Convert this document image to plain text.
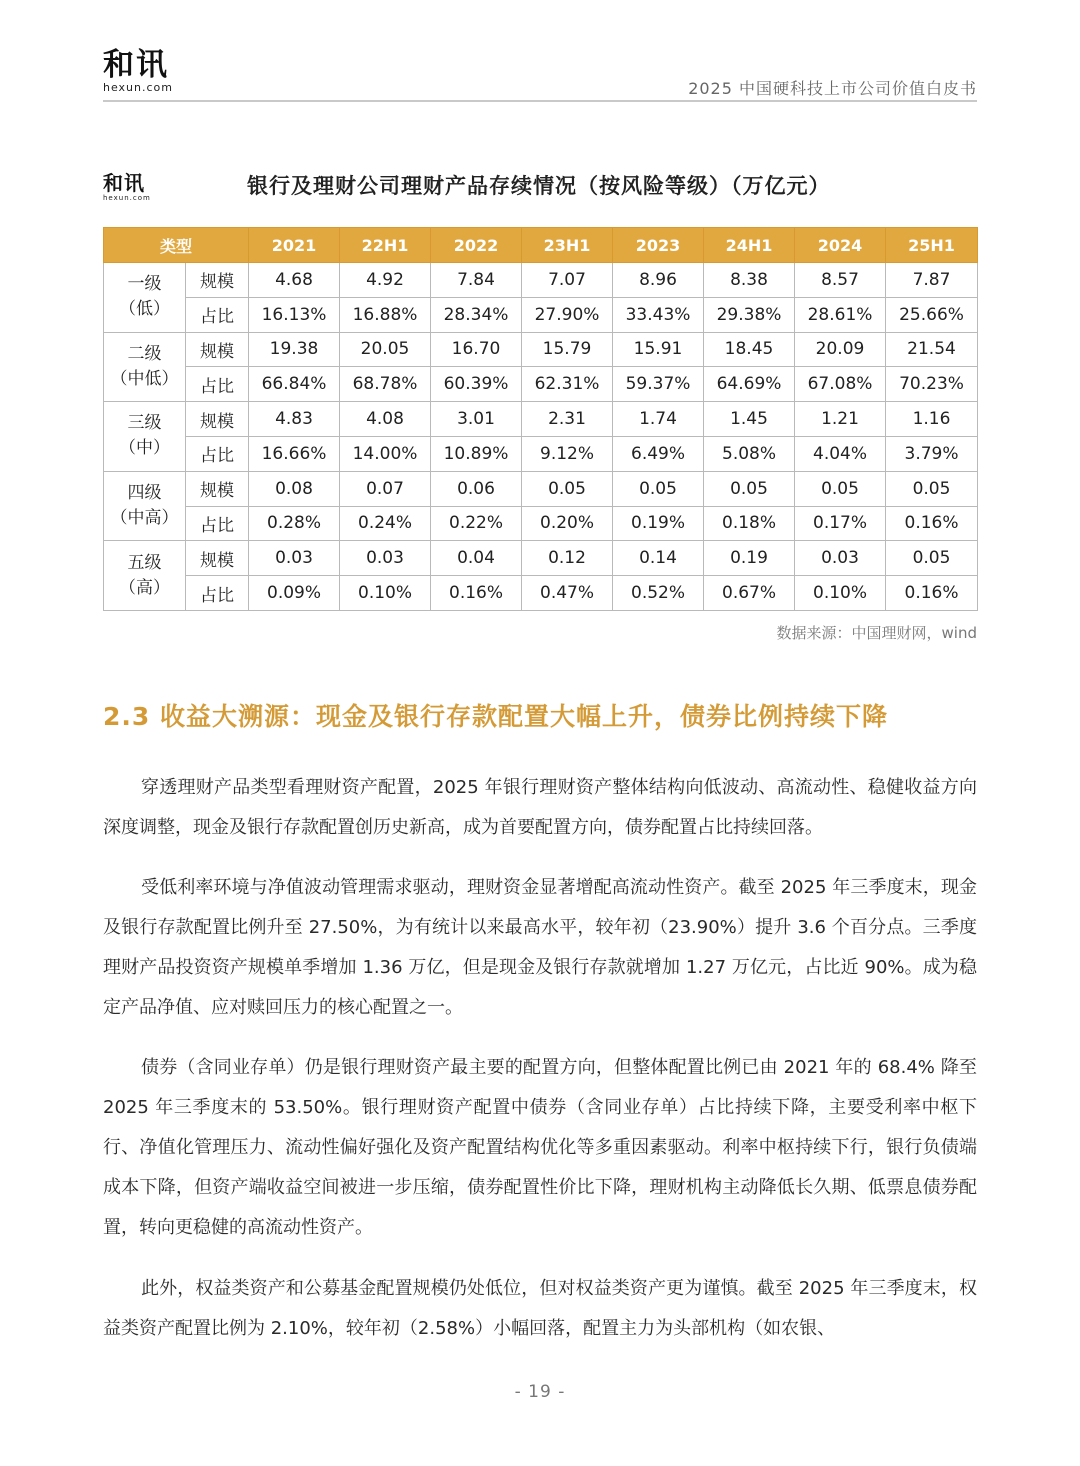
和讯
hexun.com	2025 中国硬科技上市公司价值白皮书
和讯
hexun.com	银行及理财公司理财产品存续情况（按风险等级）（万亿元）
类型		2021	22H1	2022	23H1	2023	24H1	2024	25H1
一级
（低）	规模	4.68	4.92	7.84	7.07	8.96	8.38	8.57	7.87
	占比	16.13%	16.88%	28.34%	27.90%	33.43%	29.38%	28.61%	25.66%
二级
（中低）	规模	19.38	20.05	16.70	15.79	15.91	18.45	20.09	21.54
	占比	66.84%	68.78%	60.39%	62.31%	59.37%	64.69%	67.08%	70.23%
三级
（中）	规模	4.83	4.08	3.01	2.31	1.74	1.45	1.21	1.16
	占比	16.66%	14.00%	10.89%	9.12%	6.49%	5.08%	4.04%	3.79%
四级
（中高）	规模	0.08	0.07	0.06	0.05	0.05	0.05	0.05	0.05
	占比	0.28%	0.24%	0.22%	0.20%	0.19%	0.18%	0.17%	0.16%
五级
（高）	规模	0.03	0.03	0.04	0.12	0.14	0.19	0.03	0.05
	占比	0.09%	0.10%	0.16%	0.47%	0.52%	0.67%	0.10%	0.16%
数据来源：中国理财网，wind
2.3 收益大溯源：现金及银行存款配置大幅上升，债券比例持续下降

穿透理财产品类型看理财资产配置，2025 年银行理财资产整体结构向低波动、高流动性、稳健收益方向深度调整，现金及银行存款配置创历史新高，成为首要配置方向，债券配置占比持续回落。

受低利率环境与净值波动管理需求驱动，理财资金显著增配高流动性资产。截至 2025 年三季度末，现金及银行存款配置比例升至 27.50%，为有统计以来最高水平，较年初（23.90%）提升 3.6 个百分点。三季度理财产品投资资产规模单季增加 1.36 万亿，但是现金及银行存款就增加 1.27 万亿元，占比近 90%。成为稳定产品净值、应对赎回压力的核心配置之一。

债券（含同业存单）仍是银行理财资产最主要的配置方向，但整体配置比例已由 2021 年的 68.4% 降至 2025 年三季度末的 53.50%。银行理财资产配置中债券（含同业存单）占比持续下降，主要受利率中枢下行、净值化管理压力、流动性偏好强化及资产配置结构优化等多重因素驱动。利率中枢持续下行，银行负债端成本下降，但资产端收益空间被进一步压缩，债券配置性价比下降，理财机构主动降低长久期、低票息债券配置，转向更稳健的高流动性资产。

此外，权益类资产和公募基金配置规模仍处低位，但对权益类资产更为谨慎。截至 2025 年三季度末，权益类资产配置比例为 2.10%，较年初（2.58%）小幅回落，配置主力为头部机构（如农银、

- 19 -
